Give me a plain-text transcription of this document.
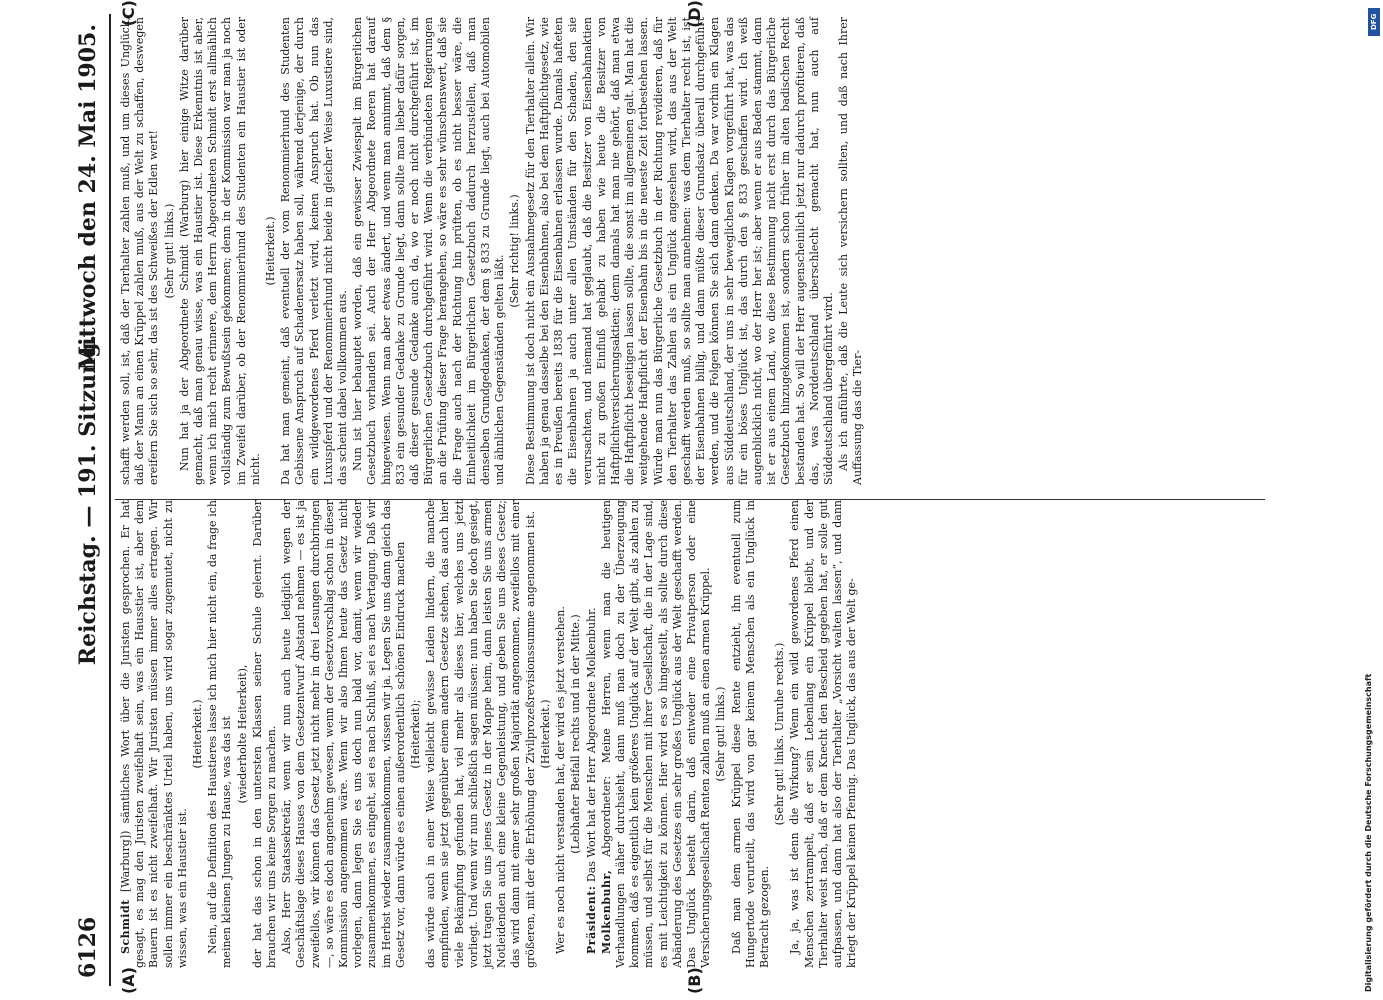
6126
Reichstag. — 191. Sitzung.
Mittwoch den 24. Mai 1905.
(A)	(B)
(C)	(D)
Schmidt [Warburg]) sämtliches Wort über die Juristen gesprochen. Er hat gesagt, es mag den Juristen zweifelhaft sein, was ein Hausstier ist, aber dem Bauern ist es nicht zweifelhaft. Wir Juristen müssen immer alles ertragen. Wir sollen immer ein beschränktes Urteil haben, uns wird sogar zugemutet, nicht zu wissen, was ein Haustier ist.
(Heiterkeit.) Nein, auf die Definition des Haustieres lasse ich mich hier nicht ein, da frage ich meinen kleinen Jungen zu Hause, was das ist (wiederholte Heiterkeit), der hat das schon in den untersten Klassen seiner Schule gelernt. Darüber brauchen wir uns keine Sorgen zu machen. Also, Herr Staatssekretär, wenn wir nun auch heute lediglich wegen der Geschäftslage dieses Hauses von dem Gesetzentwurf Abstand nehmen — es ist ja zweifellos, wir können das Gesetz jetzt nicht mehr in drei Lesungen durchbringen —, so wäre es doch angenehm gewesen, wenn der Gesetzvorschlag schon in dieser Kommission angenommen wäre. Wenn wir also Ihnen heute das Gesetz nicht vorlegen, dann legen Sie es uns doch nun bald vor, damit, wenn wir wieder zusammenkommen, es eingeht, sei es nach Schluß, sei es nach Vertagung. Daß wir im Herbst wieder zusammenkommen, wissen wir ja. Legen Sie uns dann gleich das Gesetz vor, dann würde es einen außerordentlich schönen Eindruck machen (Heiterkeit); das würde auch in einer Weise vielleicht gewisse Leiden lindern, die manche empfinden, wenn sie jetzt gegenüber einem andern Gesetze stehen, das auch hier viele Bekämpfung gefunden hat, viel mehr als dieses hier, welches uns jetzt vorliegt. Und wenn wir nun schließlich sagen müssen: nun haben Sie doch gesiegt, jetzt tragen Sie uns jenes Gesetz in der Mappe heim, dann leisten Sie uns armen Notleidenden auch eine kleine Gegenleistung, und geben Sie uns dieses Gesetz; das wird dann mit einer sehr großen Majorität angenommen, zweifellos mit einer größeren, mit der die Erhöhung der Zivilprozeßrevisionssumme angenommen ist. (Heiterkeit.) Wer es noch nicht verstanden hat, der wird es jetzt verstehen. (Lebhafter Beifall rechts und in der Mitte.)
Präsident: Das Wort hat der Herr Abgeordnete Molkenbuhr.
Molkenbuhr, Abgeordneter: Meine Herren, wenn man die heutigen Verhandlungen näher durchsieht, dann muß man doch zu der Überzeugung kommen, daß es eigentlich kein größeres Unglück auf der Welt gibt, als zahlen zu müssen, und selbst für die Menschen mit ihrer Gesellschaft, die in der Lage sind, es mit Leichtigkeit zu können. Hier wird es so hingestellt, als sollte durch diese Abänderung des Gesetzes ein sehr großes Unglück aus der Welt geschafft werden. Das Unglück besteht darin, daß entweder eine Privatperson oder eine Versicherungsgesellschaft Renten zahlen muß an einen armen Krüppel. (Sehr gut! links.) Daß man dem armen Krüppel diese Rente entzieht, ihn eventuell zum Hungertode verurteilt, das wird von gar keinem Menschen als ein Unglück in Betracht gezogen.
(Sehr gut! links. Unruhe rechts.) Ja, ja, was ist denn die Wirkung? Wenn ein wild gewordenes Pferd einen Menschen zertrampelt, daß er sein Lebenlang ein Krüppel bleibt, und der Tierhalter weist nach, daß er dem Knecht den Bescheid gegeben hat, er solle gut aufpassen, und dann hat also der Tierhalter „Vorsicht walten lassen“, und dann kriegt der Krüppel keinen Pfennig. Das Unglück, das aus der Welt ge-
schafft werden soll, ist, daß der Tierhalter zahlen muß, und um dieses Unglück, daß der Mann an einen Krüppel zahlen muß, aus der Welt zu schaffen, deswegen ereifern Sie sich so sehr, das ist des Schweißes der Edlen wert! (Sehr gut! links.) Nun hat ja der Abgeordnete Schmidt (Warburg) hier einige Witze darüber gemacht, daß man genau wisse, was ein Haustier ist. Diese Erkenntnis ist aber, wenn ich mich recht erinnere, dem Herrn Abgeordneten Schmidt erst allmählich vollständig zum Bewußtsein gekommen; denn in der Kommission war man ja noch im Zweifel darüber, ob der Renommierhund des Studenten ein Haustier ist oder nicht.
(Heiterkeit.) Da hat man gemeint, daß eventuell der vom Renommierhund des Studenten Gebissene Anspruch auf Schadenersatz haben soll, während derjenige, der durch ein wildgewordenes Pferd verletzt wird, keinen Anspruch hat. Ob nun das Luxuspferd und der Renommierhund nicht beide in gleicher Weise Luxustiere sind, das scheint dabei vollkommen aus. Nun ist hier behauptet worden, daß ein gewisser Zwiespalt im Bürgerlichen Gesetzbuch vorhanden sei. Auch der Herr Abgeordnete Roeren hat darauf hingewiesen. Wenn man aber etwas ändert, und wenn man annimmt, daß dem § 833 ein gesunder Gedanke zu Grunde liegt, dann sollte man lieber dafür sorgen, daß dieser gesunde Gedanke auch da, wo er noch nicht durchgeführt ist, im Bürgerlichen Gesetzbuch durchgeführt wird. Wenn die verbündeten Regierungen an die Prüfung dieser Frage herangehen, so wäre es sehr wünschenswert, daß sie die Frage auch nach der Richtung hin prüften, ob es nicht besser wäre, die Einheitlichkeit im Bürgerlichen Gesetzbuch dadurch herzustellen, daß man denselben Grundgedanken, der dem § 833 zu Grunde liegt, auch bei Automobilen und ähnlichen Gegenständen gelten läßt.
(Sehr richtig! links.) Diese Bestimmung ist doch nicht ein Ausnahmegesetz für den Tierhalter allein. Wir haben ja genau dasselbe bei den Eisenbahnen, also bei dem Haftpflichtgesetz, wie es in Preußen bereits 1838 für die Eisenbahnen erlassen wurde. Damals hafteten die Eisenbahnen ja auch unter allen Umständen für den Schaden, den sie verursachten, und niemand hat geglaubt, daß die Besitzer von Eisenbahnaktien nicht zu großen Einfluß gehabt zu haben wie heute die Besitzer von Haftpflichtversicherungsaktien; denn damals hat man nie gehört, daß man etwa die Haftpflicht beseitigen lassen sollte, die sonst im allgemeinen galt. Man hat die weitgehende Haftpflicht der Eisenbahn bis in die neueste Zeit fortbestehen lassen. Würde man nun das Bürgerliche Gesetzbuch in der Richtung revidieren, daß für den Tierhalter das Zahlen als ein Unglück angesehen wird, das aus der Welt geschafft werden muß, so sollte man annehmen: was dem Tierhalter recht ist, ist der Eisenbahnen billig, und dann müßte dieser Grundsatz überall durchgeführt werden, und die Folgen können Sie sich dann denken. Da war vorhin ein Klagen aus Süddeutschland, der uns in sehr beweglichen Klagen vorgeführt hat, was das für ein böses Unglück ist, das durch den § 833 geschaffen wird. Ich weiß augenblicklich nicht, wo der Herr her ist; aber wenn er aus Baden stammt, dann ist er aus einem Land, wo diese Bestimmung nicht erst durch das Bürgerliche Gesetzbuch hinzugekommen ist, sondern schon früher im alten badischen Recht bestanden hat. So will der Herr augenscheinlich jetzt nur dadurch profitieren, daß das, was Norddeutschland überschlecht gemacht hat, nun auch auf Süddeutschland übergeführt wird. Als ich anführte, daß die Leute sich versichern sollten, und daß nach Ihrer Auffassung das die Tier-
Digitalisierung gefördert durch die Deutsche Forschungsgemeinschaft
DFG
